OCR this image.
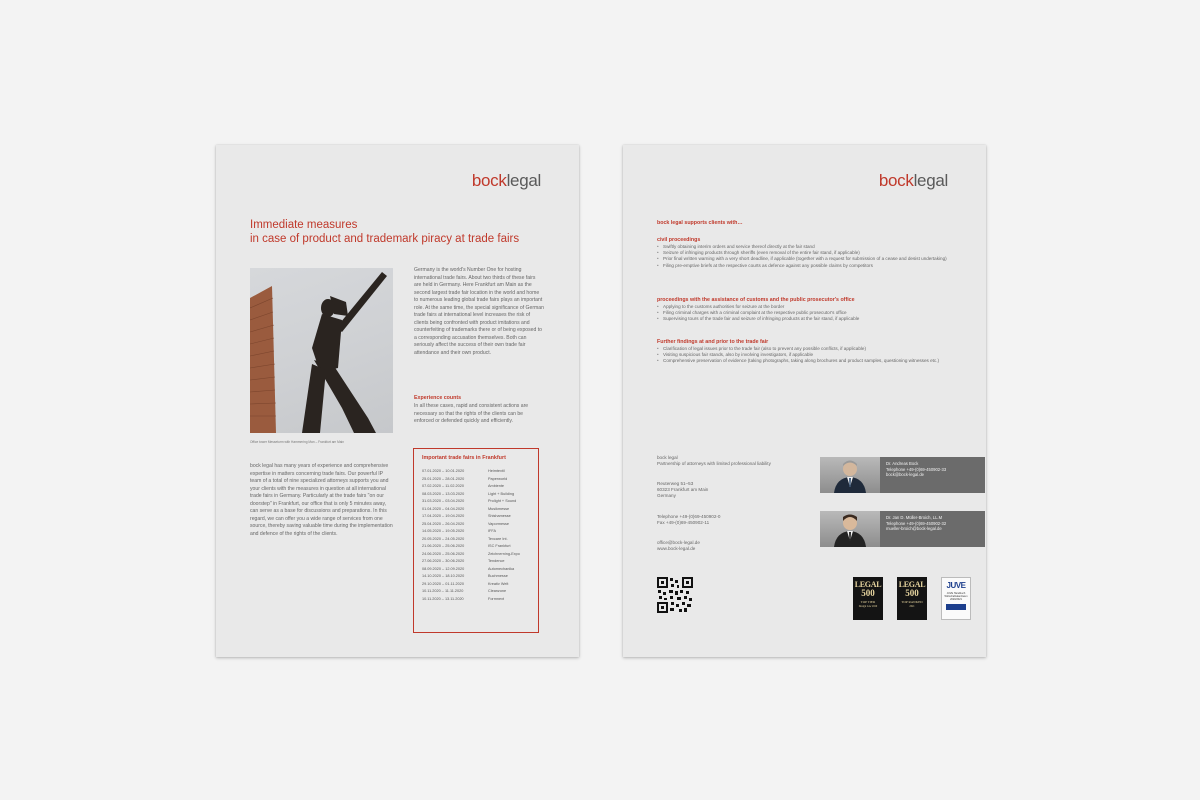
bocklegal
Immediate measures
in case of product and trademark piracy at trade fairs
Office tower Messeturm with Hammering Man – Frankfurt am Main
Germany is the world's Number One for hosting international trade fairs. About two thirds of these fairs are held in Germany. Here Frankfurt am Main as the second largest trade fair location in the world and home to numerous leading global trade fairs plays an important role. At the same time, the special significance of German trade fairs at international level increases the risk of clients being confronted with product imitations and counterfeiting of trademarks there or of being exposed to a corresponding accusation themselves. Both can seriously affect the success of their own trade fair attendance and their own product.
Experience counts
In all these cases, rapid and consistent actions are necessary so that the rights of the clients can be enforced or defended quickly and efficiently.
bock legal has many years of experience and comprehensive expertise in matters concerning trade fairs. Our powerful IP team of a total of nine specialized attorneys supports you and your clients with the measures in question at all international trade fairs in Germany. Particularly at the trade fairs "on our doorstep" in Frankfurt, our office that is only 5 minutes away, can serve as a base for discussions and preparations. In this regard, we can offer you a wide range of services from one source, thereby saving valuable time during the implementation and defence of the rights of the clients.
Important trade fairs in Frankfurt
07.01.2020 – 10.01.2020	Heimtextil
25.01.2020 – 28.01.2020	Paperworld
07.02.2020 – 11.02.2020	Ambiente
08.03.2020 – 13.03.2020	Light + Building
31.03.2020 – 03.04.2020	Prolight + Sound
01.04.2020 – 04.04.2020	Musikmesse
17.04.2020 – 19.04.2020	Shishamesse
25.04.2020 – 26.04.2020	Vapormesse
14.05.2020 – 19.05.2020	IFFA
20.05.2020 – 24.05.2020	Texcare Int.
21.06.2020 – 25.06.2020	ISC Frankfurt
24.06.2020 – 25.06.2020	Zeichnerning-Expo
27.06.2020 – 30.06.2020	Tendence
08.09.2020 – 12.09.2020	Automechanika
14.10.2020 – 18.10.2020	Buchmesse
29.10.2020 – 01.11.2020	Kreativ Welt
10.11.2020 – 11.11.2020	Cleanzone
10.11.2020 – 13.11.2020	Formnext
bocklegal
bock legal supports clients with…
civil proceedings
• Swiftly obtaining interim orders and service thereof directly at the fair stand
• Seizure of infringing products through sheriffs (even removal of the entire fair stand, if applicable)
• Prior final written warning with a very short deadline, if applicable (together with a request for submission of a cease and desist undertaking)
• Filing pre-emptive briefs at the respective courts as defence against any possible claims by competitors
proceedings with the assistance of customs and the public prosecutor's office
• Applying to the customs authorities for seizure at the border
• Filing criminal charges with a criminal complaint at the respective public prosecutor's office
• Supervising tours of the trade fair and seizure of infringing products at the fair stand, if applicable
Further findings at and prior to the trade fair
• Clarification of legal issues prior to the trade fair (also to prevent any possible conflicts, if applicable)
• Visiting suspicious fair stands, also by involving investigators, if applicable
• Comprehensive preservation of evidence (taking photographs, taking along brochures and product samples, questioning witnesses etc.)
bock legal
Partnership of attorneys with limited professional liability
Reuterweg 51–53
60323 Frankfurt am Main
Germany
Telephone +49-(0)69-450902-0
Fax +49-(0)69-450902-11
office@bock-legal.de
www.bock-legal.de
Dr. Andreas Bock
Telephone +49-(0)69-450902-33
bock@bock-legal.de
Dr. Jan D. Müller-Broich, LL.M
Telephone +49-(0)69-450902-32
mueller-broich@bock-legal.de
LEGAL
500
TOP TIER
Design Law 2020
LEGAL
500
TOP RANKED
2021
JUVE
JUVE Handbuch Wirtschaftskanzleien 2020/2021
